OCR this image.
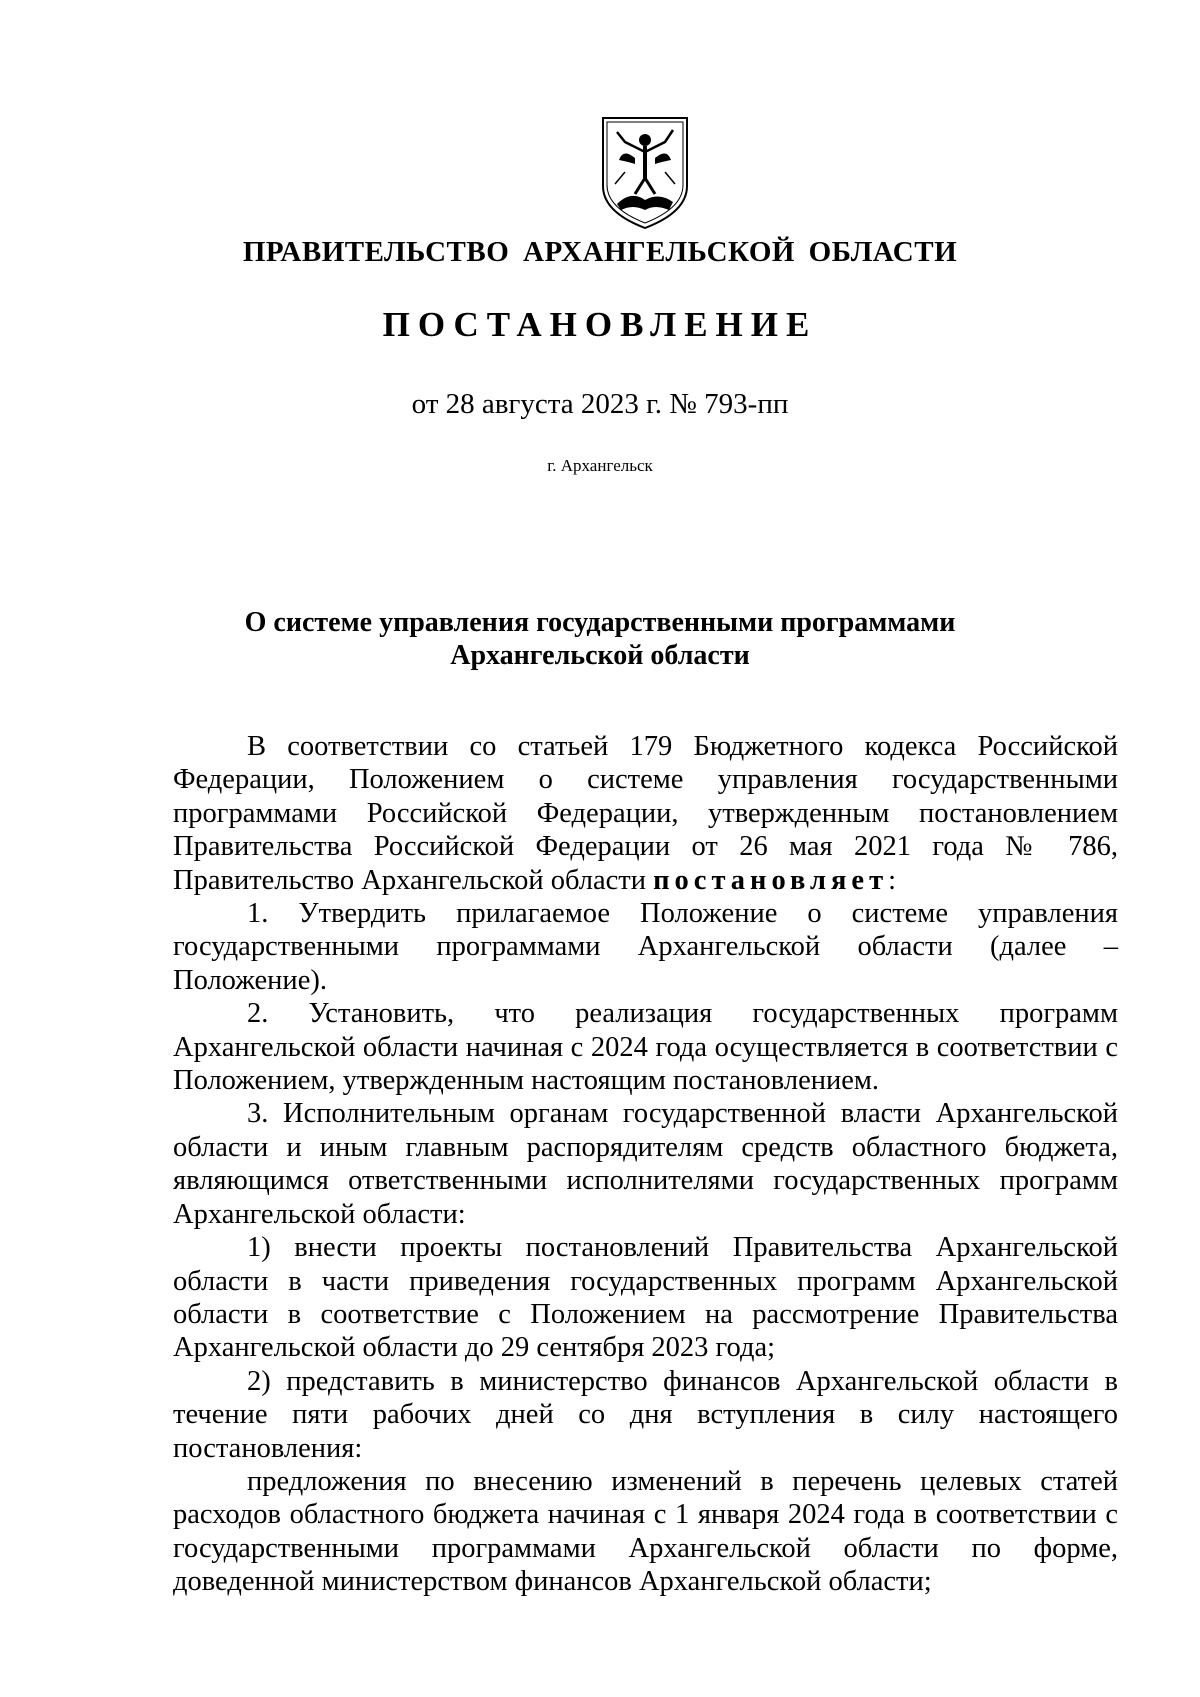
ПРАВИТЕЛЬСТВО АРХАНГЕЛЬСКОЙ ОБЛАСТИ
ПОСТАНОВЛЕНИЕ
от 28 августа 2023 г. № 793-пп
г. Архангельск
О системе управления государственными программами
Архангельской области

В соответствии со статьей 179 Бюджетного кодекса Российской Федерации, Положением о системе управления государственными программами Российской Федерации, утвержденным постановлением Правительства Российской Федерации от 26 мая 2021 года № 786, Правительство Архангельской области постановляет:

1. Утвердить прилагаемое Положение о системе управления государственными программами Архангельской области (далее – Положение).

2. Установить, что реализация государственных программ Архангельской области начиная с 2024 года осуществляется в соответствии с Положением, утвержденным настоящим постановлением.

3. Исполнительным органам государственной власти Архангельской области и иным главным распорядителям средств областного бюджета, являющимся ответственными исполнителями государственных программ Архангельской области:

1) внести проекты постановлений Правительства Архангельской области в части приведения государственных программ Архангельской области в соответствие с Положением на рассмотрение Правительства Архангельской области до 29 сентября 2023 года;

2) представить в министерство финансов Архангельской области в течение пяти рабочих дней со дня вступления в силу настоящего постановления:

предложения по внесению изменений в перечень целевых статей расходов областного бюджета начиная с 1 января 2024 года в соответствии с государственными программами Архангельской области по форме, доведенной министерством финансов Архангельской области;
